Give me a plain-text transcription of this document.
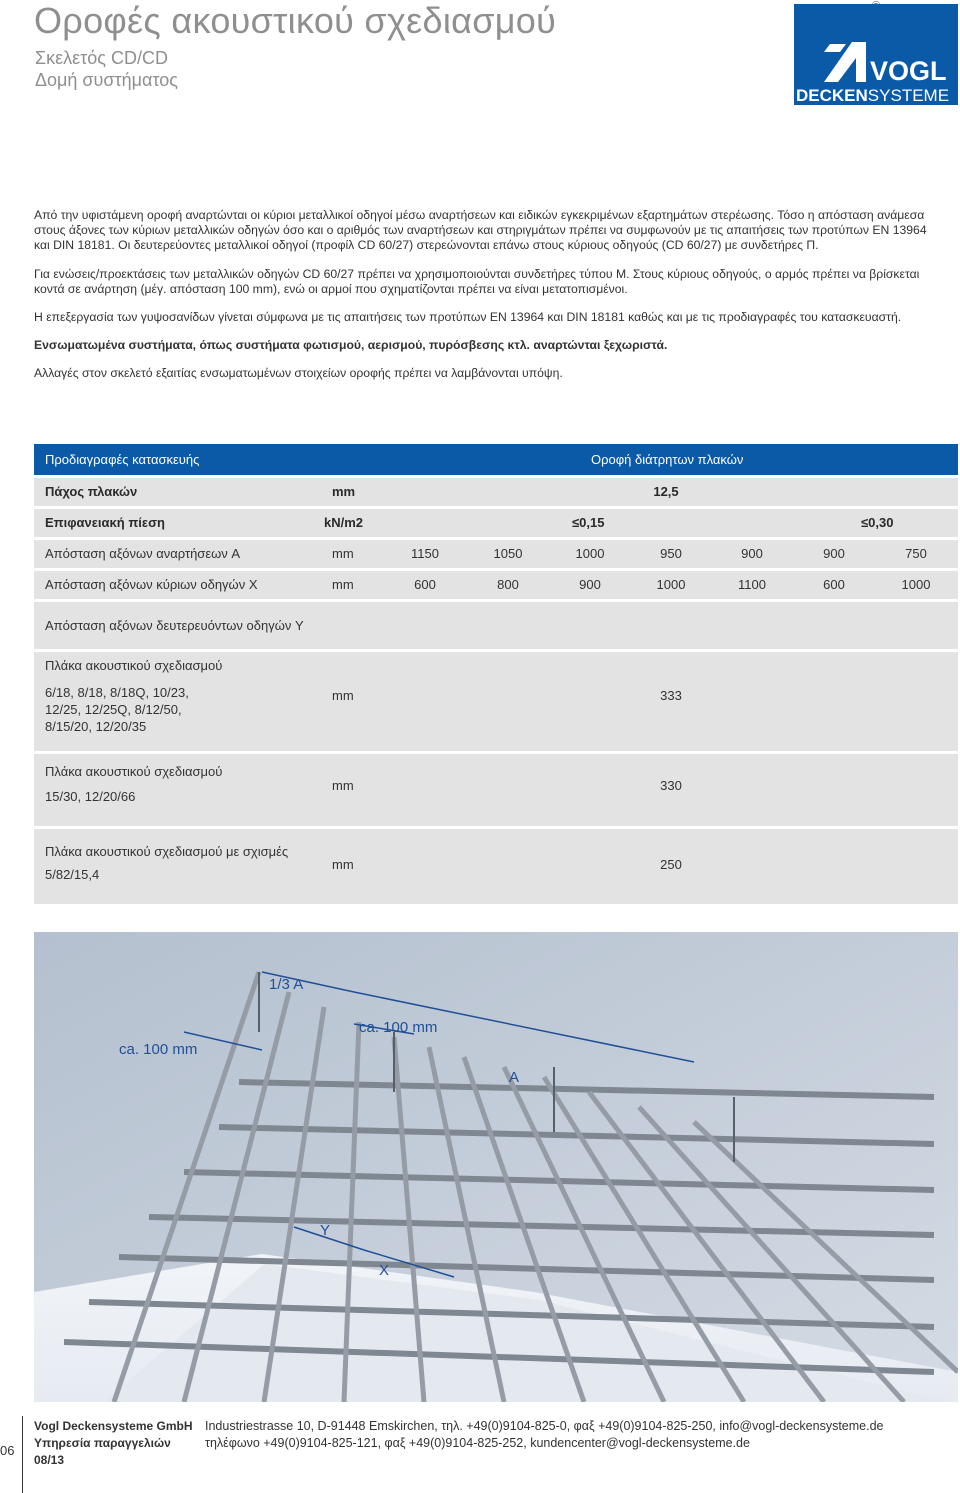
Οροφές ακουστικού σχεδιασμού
Σκελετός CD/CD
Δομή συστήματος	VOGL
DECKENSYSTEME

Από την υφιστάμενη οροφή αναρτώνται οι κύριοι μεταλλικοί οδηγοί μέσω αναρτήσεων και ειδικών εγκεκριμένων εξαρτημάτων στερέωσης. Τόσο η απόσταση ανάμεσα στους άξονες των κύριων μεταλλικών οδηγών όσο και ο αριθμός των αναρτήσεων και στηριγμάτων πρέπει να συμφωνούν με τις απαιτήσεις των προτύπων EN 13964 και DIN 18181. Οι δευτερεύοντες μεταλλικοί οδηγοί (προφίλ CD 60/27) στερεώνονται επάνω στους κύριους οδηγούς (CD 60/27) με συνδετήρες Π.

Για ενώσεις/προεκτάσεις των μεταλλικών οδηγών CD 60/27 πρέπει να χρησιμοποιούνται συνδετήρες τύπου Μ. Στους κύριους οδηγούς, ο αρμός πρέπει να βρίσκεται κοντά σε ανάρτηση (μέγ. απόσταση 100 mm), ενώ οι αρμοί που σχηματίζονται πρέπει να είναι μετατοπισμένοι.

Η επεξεργασία των γυψοσανίδων γίνεται σύμφωνα με τις απαιτήσεις των προτύπων EN 13964 και DIN 18181 καθώς και με τις προδιαγραφές του κατασκευαστή.

Ενσωματωμένα συστήματα, όπως συστήματα φωτισμού, αερισμού, πυρόσβεσης κτλ. αναρτώνται ξεχωριστά.

Αλλαγές στον σκελετό εξαιτίας ενσωματωμένων στοιχείων οροφής πρέπει να λαμβάνονται υπόψη.

Προδιαγραφές κατασκευής	Οροφή διάτρητων πλακών
Πάχος πλακών	mm	12,5
Επιφανειακή πίεση	kN/m2	≤0,15	≤0,30
Απόσταση αξόνων αναρτήσεων A	mm	1150	1050	1000	950	900	900	750
Απόσταση αξόνων κύριων οδηγών X	mm	600	800	900	1000	1100	600	1000
Απόσταση αξόνων δευτερευόντων οδηγών Y
Πλάκα ακουστικού σχεδιασμού
6/18, 8/18, 8/18Q, 10/23, 12/25, 12/25Q, 8/12/50, 8/15/20, 12/20/35
mm	333
Πλάκα ακουστικού σχεδιασμού
15/30, 12/20/66
mm	330
Πλάκα ακουστικού σχεδιασμού με σχισμές
5/82/15,4
mm	250
1/3 A
ca. 100 mm
ca. 100 mm
A
Y
X
06
Vogl Deckensysteme GmbH
Υπηρεσία παραγγελιών
08/13
Industriestrasse 10, D-91448 Emskirchen, τηλ. +49(0)9104-825-0, φαξ +49(0)9104-825-250, info@vogl-deckensysteme.de
τηλέφωνο +49(0)9104-825-121, φαξ +49(0)9104-825-252, kundencenter@vogl-deckensysteme.de
